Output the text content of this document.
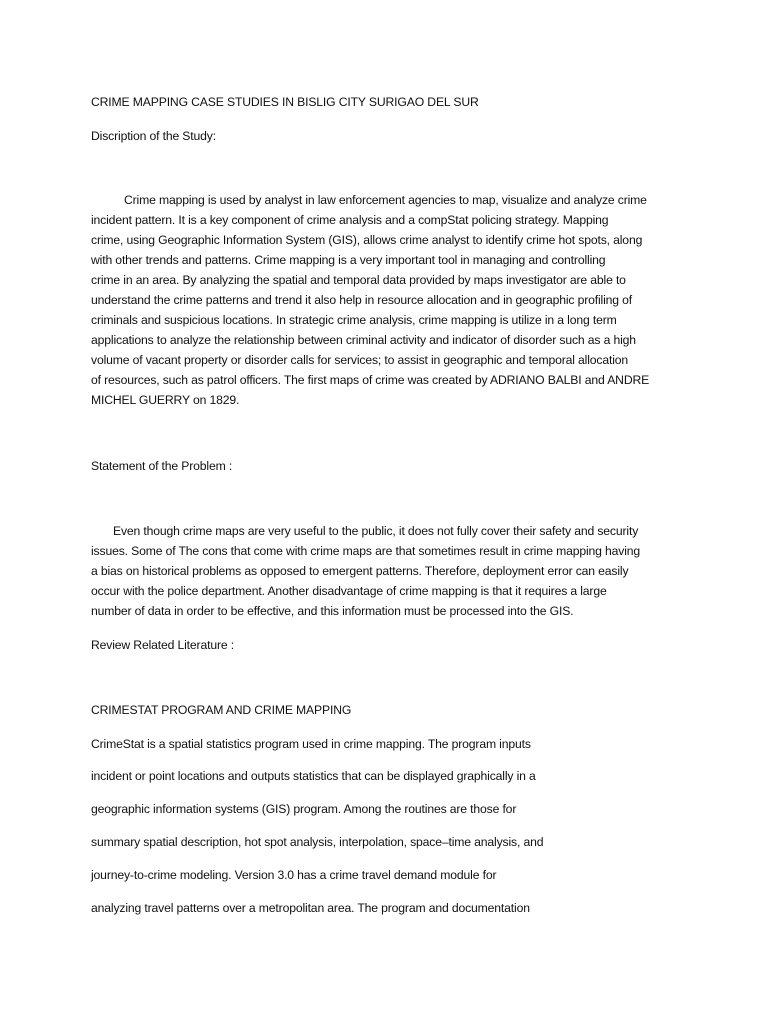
CRIME MAPPING CASE STUDIES IN BISLIG CITY SURIGAO DEL SUR
Discription of the Study:
Crime mapping is used by analyst in law enforcement agencies to map, visualize and analyze crime
incident pattern. It is a key component of crime analysis and a compStat policing strategy. Mapping
crime, using Geographic Information System (GIS), allows crime analyst to identify crime hot spots, along
with other trends and patterns. Crime mapping is a very important tool in managing and controlling
crime in an area. By analyzing the spatial and temporal data provided by maps investigator are able to
understand the crime patterns and trend it also help in resource allocation and in geographic profiling of
criminals and suspicious locations. In strategic crime analysis, crime mapping is utilize in a long term
applications to analyze the relationship between criminal activity and indicator of disorder such as a high
volume of vacant property or disorder calls for services; to assist in geographic and temporal allocation
of resources, such as patrol officers. The first maps of crime was created by ADRIANO BALBI and ANDRE
MICHEL GUERRY on 1829.
Statement of the Problem :
Even though crime maps are very useful to the public, it does not fully cover their safety and security
issues. Some of The cons that come with crime maps are that sometimes result in crime mapping having
a bias on historical problems as opposed to emergent patterns. Therefore, deployment error can easily
occur with the police department. Another disadvantage of crime mapping is that it requires a large
number of data in order to be effective, and this information must be processed into the GIS.
Review Related Literature :
CRIMESTAT PROGRAM AND CRIME MAPPING
CrimeStat is a spatial statistics program used in crime mapping. The program inputs
incident or point locations and outputs statistics that can be displayed graphically in a
geographic information systems (GIS) program. Among the routines are those for
summary spatial description, hot spot analysis, interpolation, space–time analysis, and
journey-to-crime modeling. Version 3.0 has a crime travel demand module for
analyzing travel patterns over a metropolitan area. The program and documentation
